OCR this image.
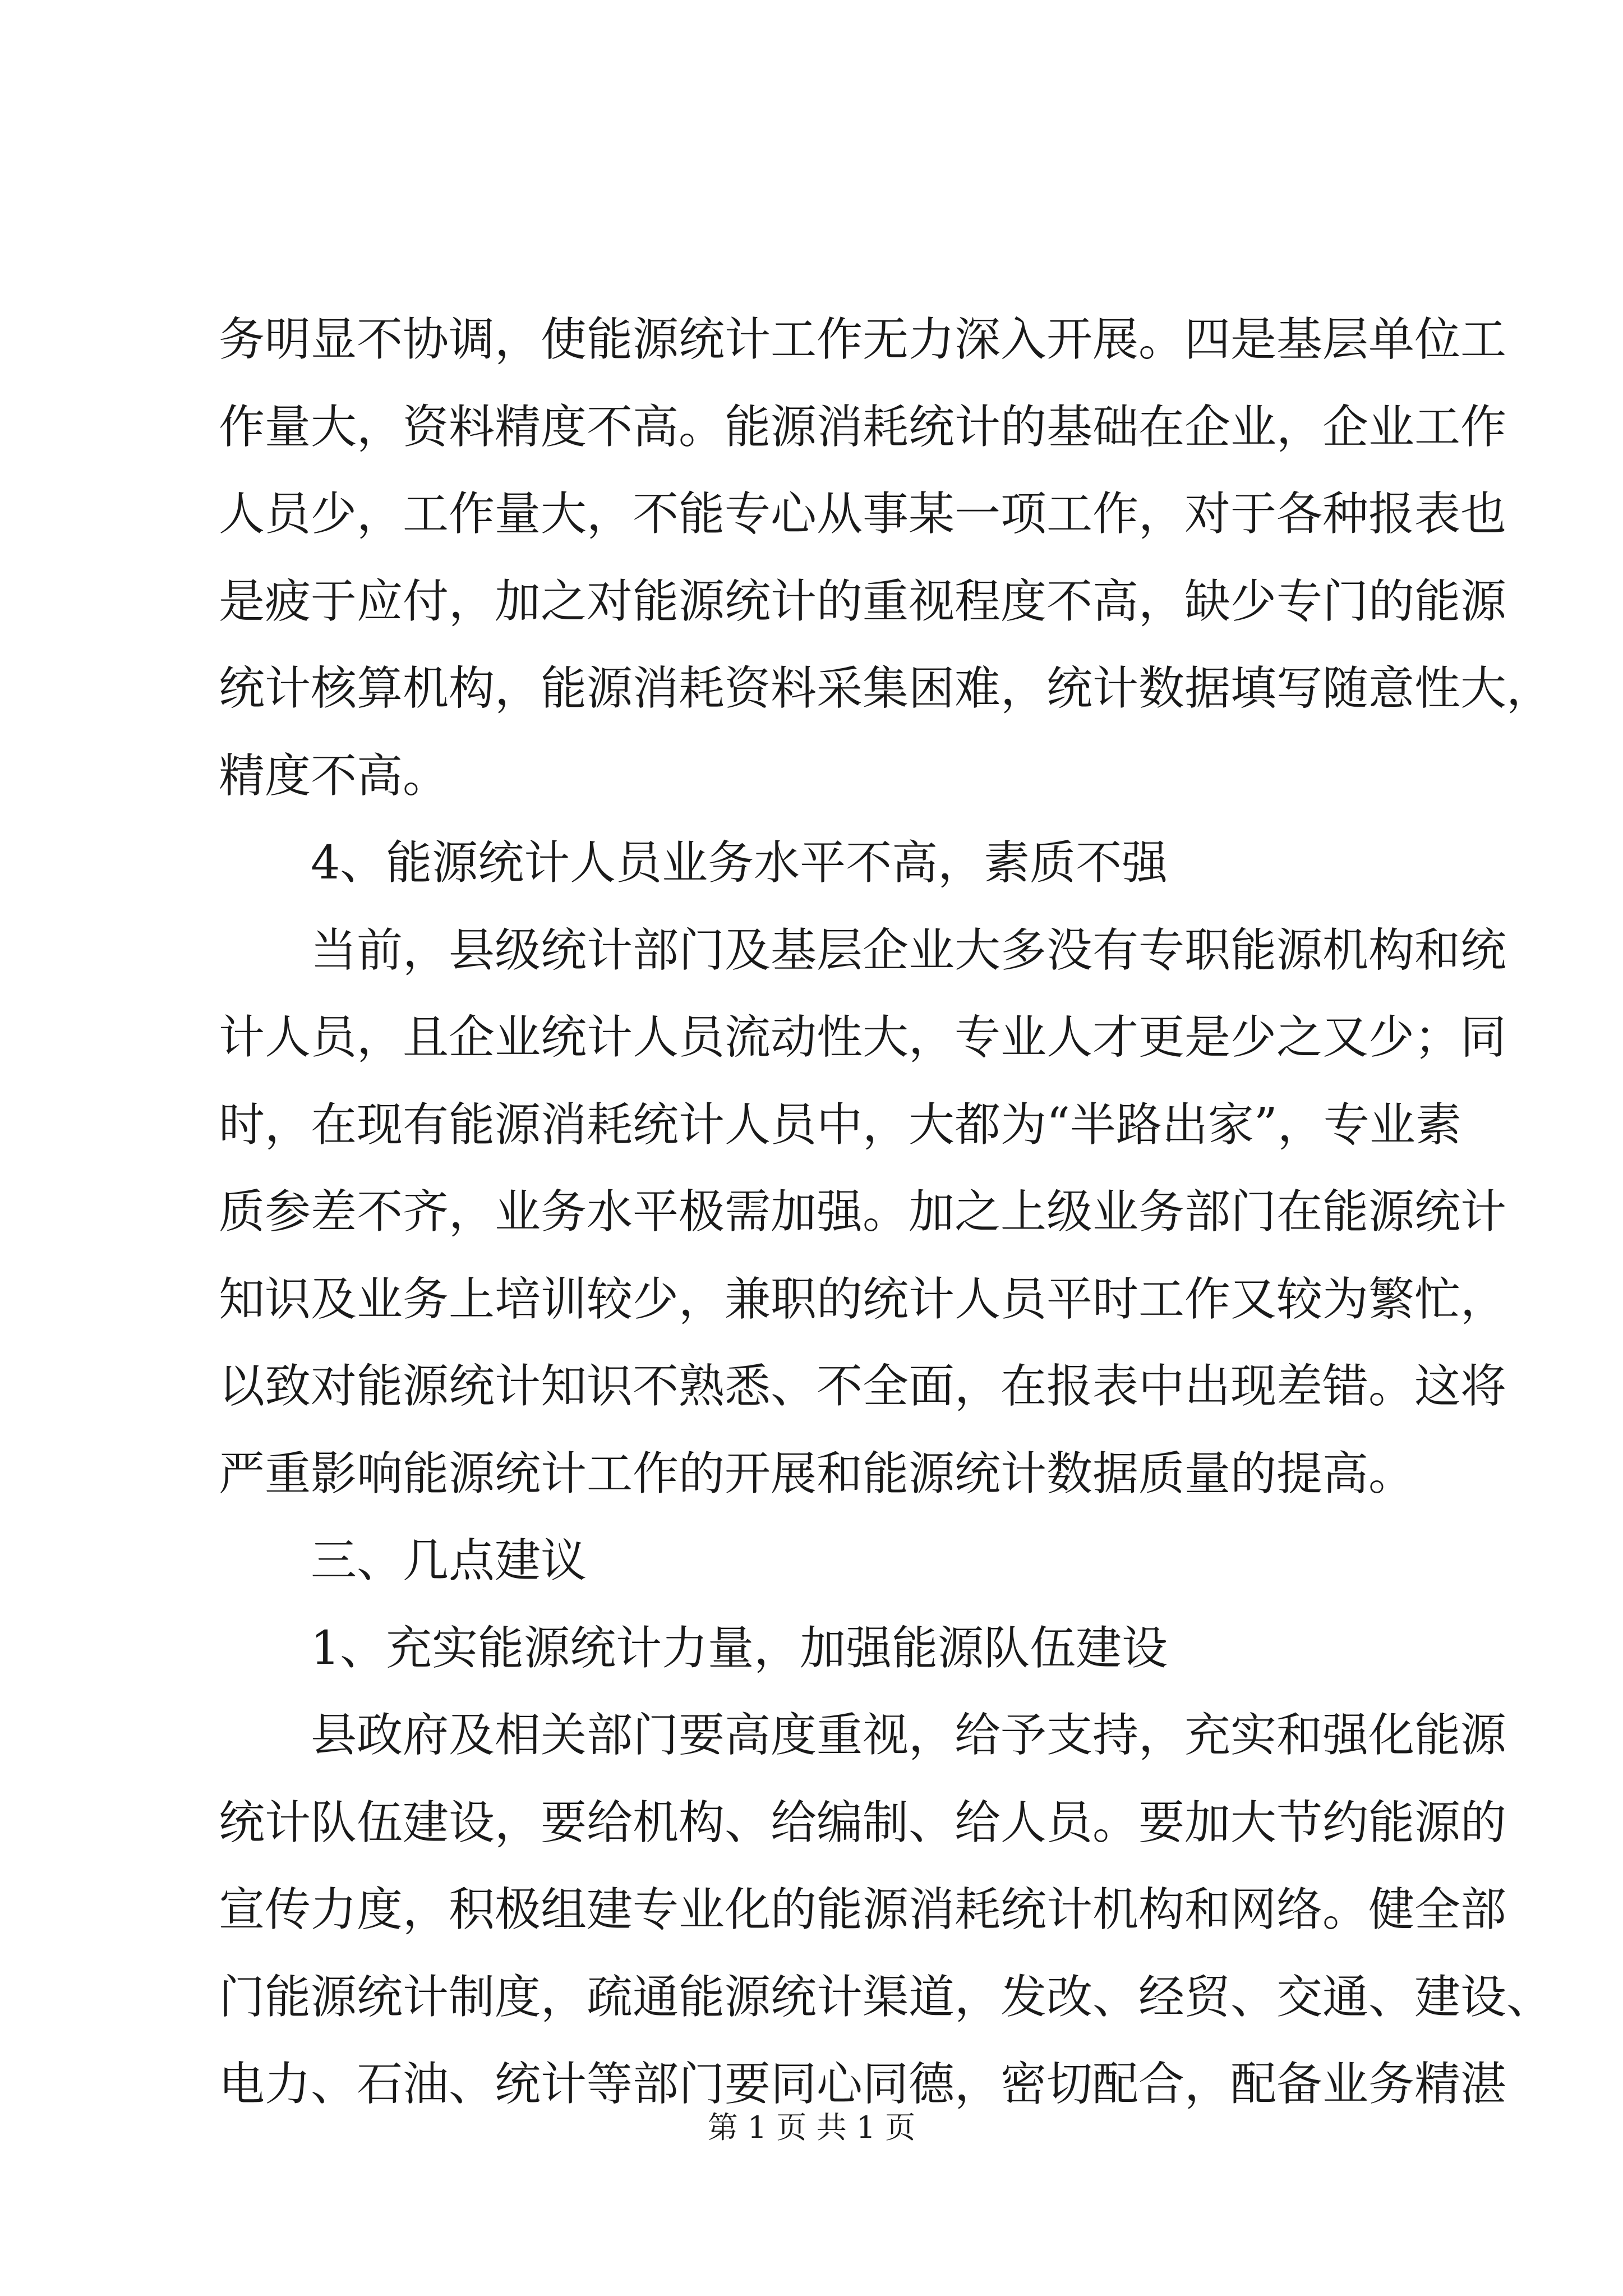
务明显不协调，使能源统计工作无力深入开展。四是基层单位工
作量大，资料精度不高。能源消耗统计的基础在企业，企业工作
人员少，工作量大，不能专心从事某一项工作，对于各种报表也
是疲于应付，加之对能源统计的重视程度不高，缺少专门的能源
统计核算机构，能源消耗资料采集困难，统计数据填写随意性大，
精度不高。
4、能源统计人员业务水平不高，素质不强
当前，县级统计部门及基层企业大多没有专职能源机构和统
计人员，且企业统计人员流动性大，专业人才更是少之又少；同
时，在现有能源消耗统计人员中，大都为“半路出家”，专业素
质参差不齐，业务水平极需加强。加之上级业务部门在能源统计
知识及业务上培训较少，兼职的统计人员平时工作又较为繁忙，
以致对能源统计知识不熟悉、不全面，在报表中出现差错。这将
严重影响能源统计工作的开展和能源统计数据质量的提高。
三、几点建议
1、充实能源统计力量，加强能源队伍建设
县政府及相关部门要高度重视，给予支持，充实和强化能源
统计队伍建设，要给机构、给编制、给人员。要加大节约能源的
宣传力度，积极组建专业化的能源消耗统计机构和网络。健全部
门能源统计制度，疏通能源统计渠道，发改、经贸、交通、建设、
电力、石油、统计等部门要同心同德，密切配合，配备业务精湛
第 1 页 共 1 页
